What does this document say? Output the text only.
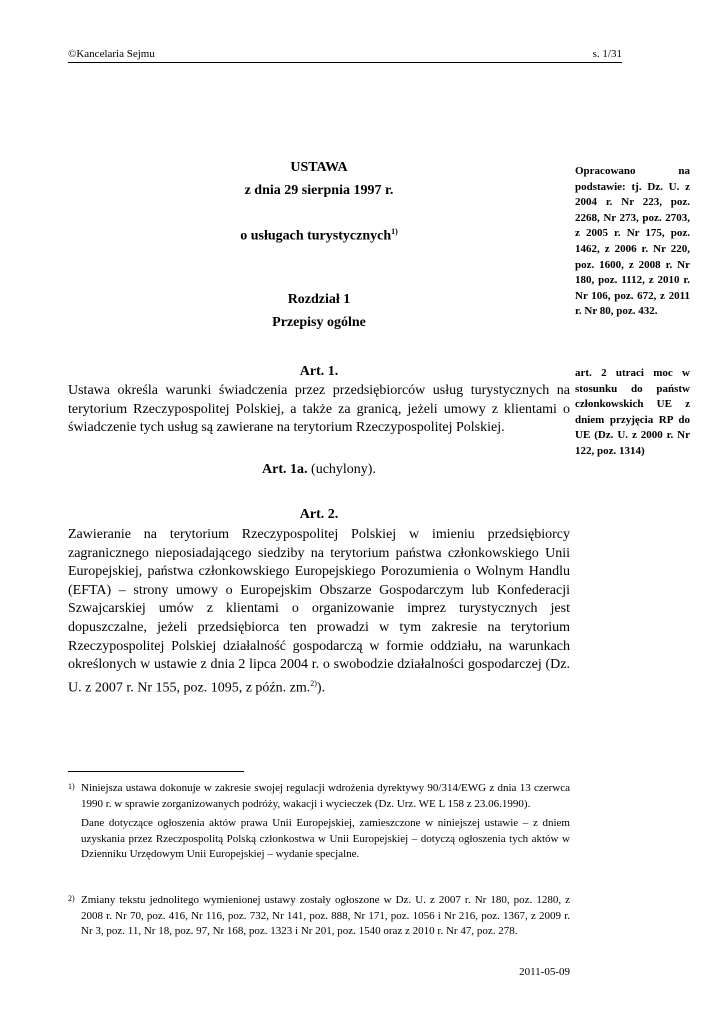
©Kancelaria Sejmu	s. 1/31
USTAWA
z dnia 29 sierpnia 1997 r.
o usługach turystycznych$^{1)}$
Rozdział 1
Przepisy ogólne
Art. 1.
Ustawa określa warunki świadczenia przez przedsiębiorców usług turystycznych na terytorium Rzeczypospolitej Polskiej, a także za granicą, jeżeli umowy z klientami o świadczenie tych usług są zawierane na terytorium Rzeczypospolitej Polskiej.
Art. 1a. (uchylony).
Art. 2.
Zawieranie na terytorium Rzeczypospolitej Polskiej w imieniu przedsiębiorcy zagranicznego nieposiadającego siedziby na terytorium państwa członkowskiego Unii Europejskiej, państwa członkowskiego Europejskiego Porozumienia o Wolnym Handlu (EFTA) – strony umowy o Europejskim Obszarze Gospodarczym lub Konfederacji Szwajcarskiej umów z klientami o organizowanie imprez turystycznych jest dopuszczalne, jeżeli przedsiębiorca ten prowadzi w tym zakresie na terytorium Rzeczypospolitej Polskiej działalność gospodarczą w formie oddziału, na warunkach określonych w ustawie z dnia 2 lipca 2004 r. o swobodzie działalności gospodarczej (Dz. U. z 2007 r. Nr 155, poz. 1095, z późn. zm.$^{2)}$).
Opracowano na podstawie: tj. Dz. U. z 2004 r. Nr 223, poz. 2268, Nr 273, poz. 2703, z 2005 r. Nr 175, poz. 1462, z 2006 r. Nr 220, poz. 1600, z 2008 r. Nr 180, poz. 1112, z 2010 r. Nr 106, poz. 672, z 2011 r. Nr 80, poz. 432.
art. 2 utraci moc w stosunku do państw członkowskich UE z dniem przyjęcia RP do UE (Dz. U. z 2000 r. Nr 122, poz. 1314)
1) Niniejsza ustawa dokonuje w zakresie swojej regulacji wdrożenia dyrektywy 90/314/EWG z dnia 13 czerwca 1990 r. w sprawie zorganizowanych podróży, wakacji i wycieczek (Dz. Urz. WE L 158 z 23.06.1990).
Dane dotyczące ogłoszenia aktów prawa Unii Europejskiej, zamieszczone w niniejszej ustawie – z dniem uzyskania przez Rzeczpospolitą Polską członkostwa w Unii Europejskiej – dotyczą ogłoszenia tych aktów w Dzienniku Urzędowym Unii Europejskiej – wydanie specjalne.
2) Zmiany tekstu jednolitego wymienionej ustawy zostały ogłoszone w Dz. U. z 2007 r. Nr 180, poz. 1280, z 2008 r. Nr 70, poz. 416, Nr 116, poz. 732, Nr 141, poz. 888, Nr 171, poz. 1056 i Nr 216, poz. 1367, z 2009 r. Nr 3, poz. 11, Nr 18, poz. 97, Nr 168, poz. 1323 i Nr 201, poz. 1540 oraz z 2010 r. Nr 47, poz. 278.
2011-05-09
